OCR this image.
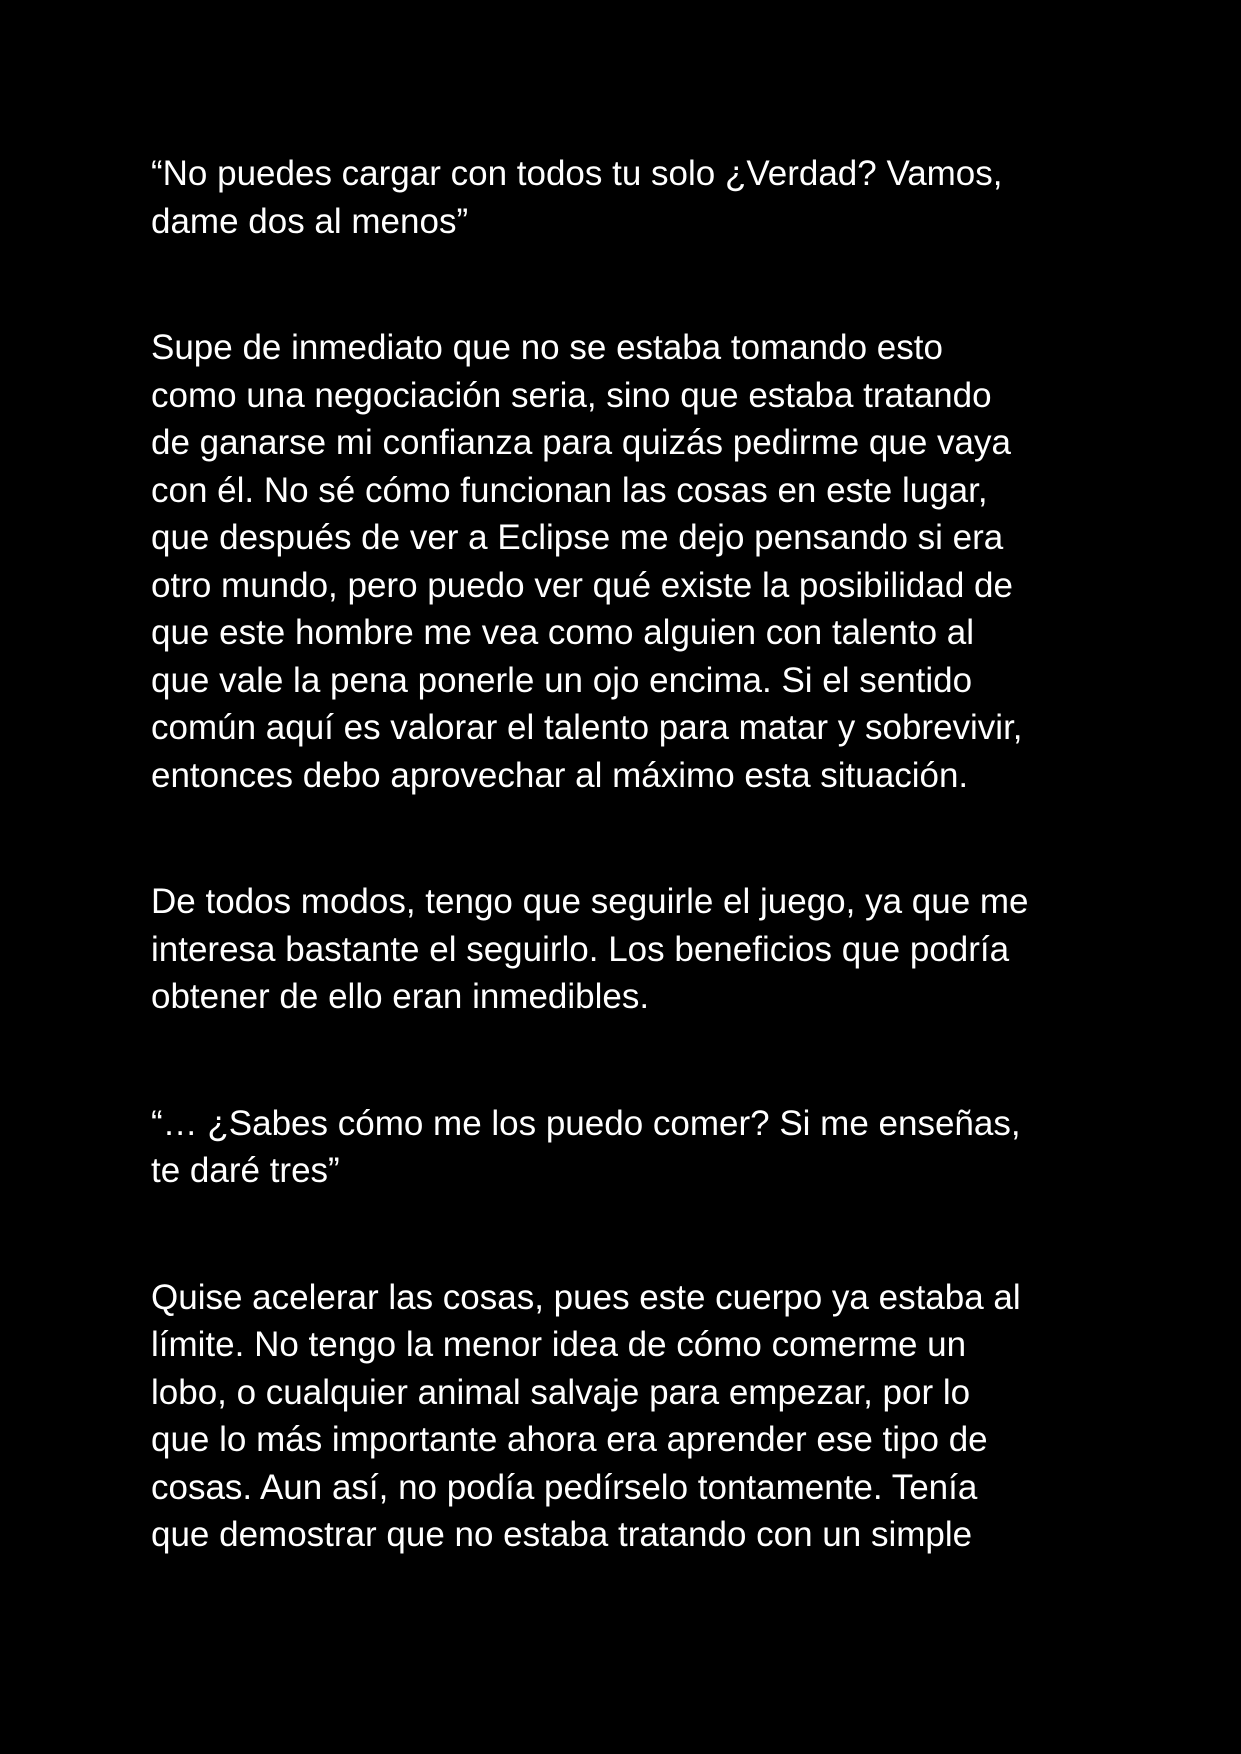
“No puedes cargar con todos tu solo ¿Verdad? Vamos,
dame dos al menos”

Supe de inmediato que no se estaba tomando esto
como una negociación seria, sino que estaba tratando
de ganarse mi confianza para quizás pedirme que vaya
con él. No sé cómo funcionan las cosas en este lugar,
que después de ver a Eclipse me dejo pensando si era
otro mundo, pero puedo ver qué existe la posibilidad de
que este hombre me vea como alguien con talento al
que vale la pena ponerle un ojo encima. Si el sentido
común aquí es valorar el talento para matar y sobrevivir,
entonces debo aprovechar al máximo esta situación.

De todos modos, tengo que seguirle el juego, ya que me
interesa bastante el seguirlo. Los beneficios que podría
obtener de ello eran inmedibles.

“… ¿Sabes cómo me los puedo comer? Si me enseñas,
te daré tres”

Quise acelerar las cosas, pues este cuerpo ya estaba al
límite. No tengo la menor idea de cómo comerme un
lobo, o cualquier animal salvaje para empezar, por lo
que lo más importante ahora era aprender ese tipo de
cosas. Aun así, no podía pedírselo tontamente. Tenía
que demostrar que no estaba tratando con un simple
